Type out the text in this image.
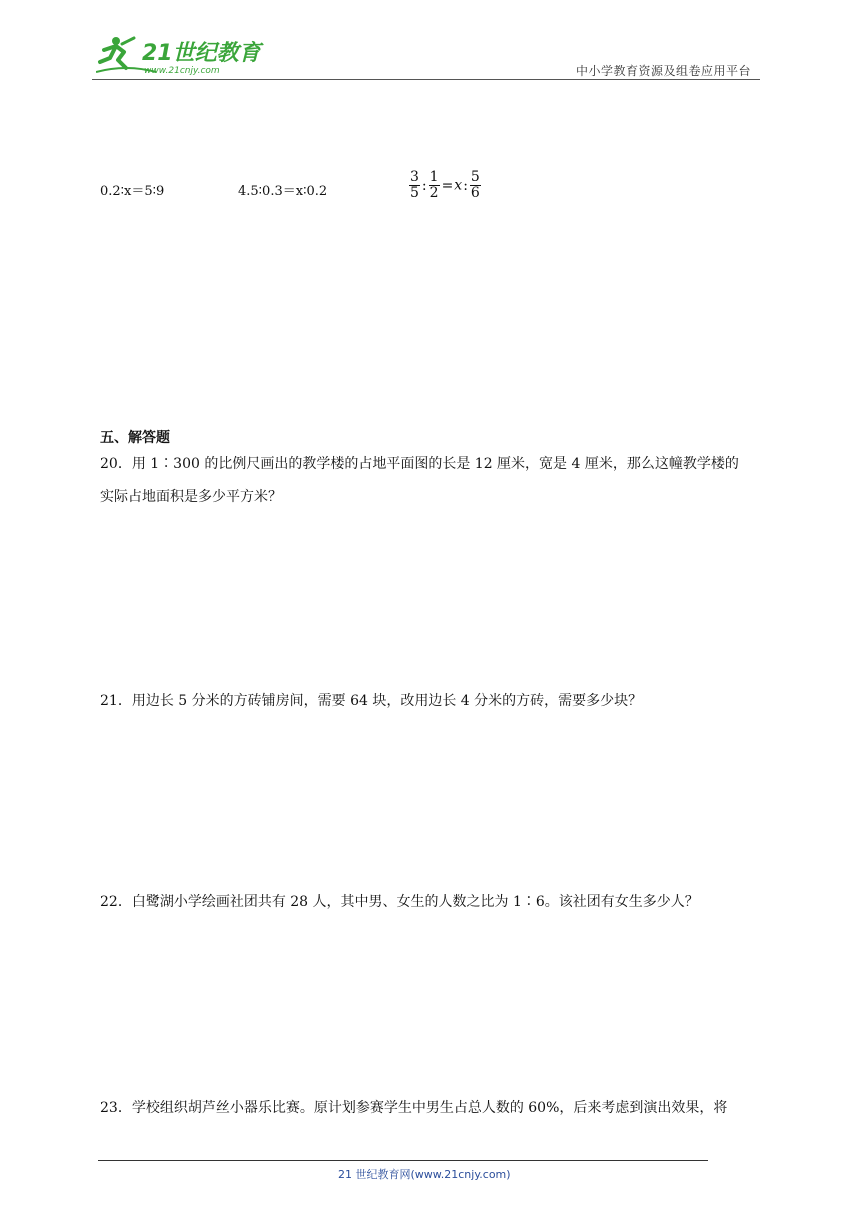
21世纪教育
www.21cnjy.com	中小学教育资源及组卷应用平台
0.2∶x＝5∶9	4.5∶0.3＝x∶0.2	$\frac{3}{5}$ : $\frac{1}{2} =x$: $\frac{5}{6}$
五、解答题
20．用 1∶300 的比例尺画出的教学楼的占地平面图的长是 12 厘米，宽是 4 厘米，那么这幢教学楼的
实际占地面积是多少平方米？
21．用边长 5 分米的方砖铺房间，需要 64 块，改用边长 4 分米的方砖，需要多少块？
22．白鹭湖小学绘画社团共有 28 人，其中男、女生的人数之比为 1∶6。该社团有女生多少人？
23．学校组织胡芦丝小器乐比赛。原计划参赛学生中男生占总人数的 60%，后来考虑到演出效果，将
21 世纪教育网(www.21cnjy.com)
